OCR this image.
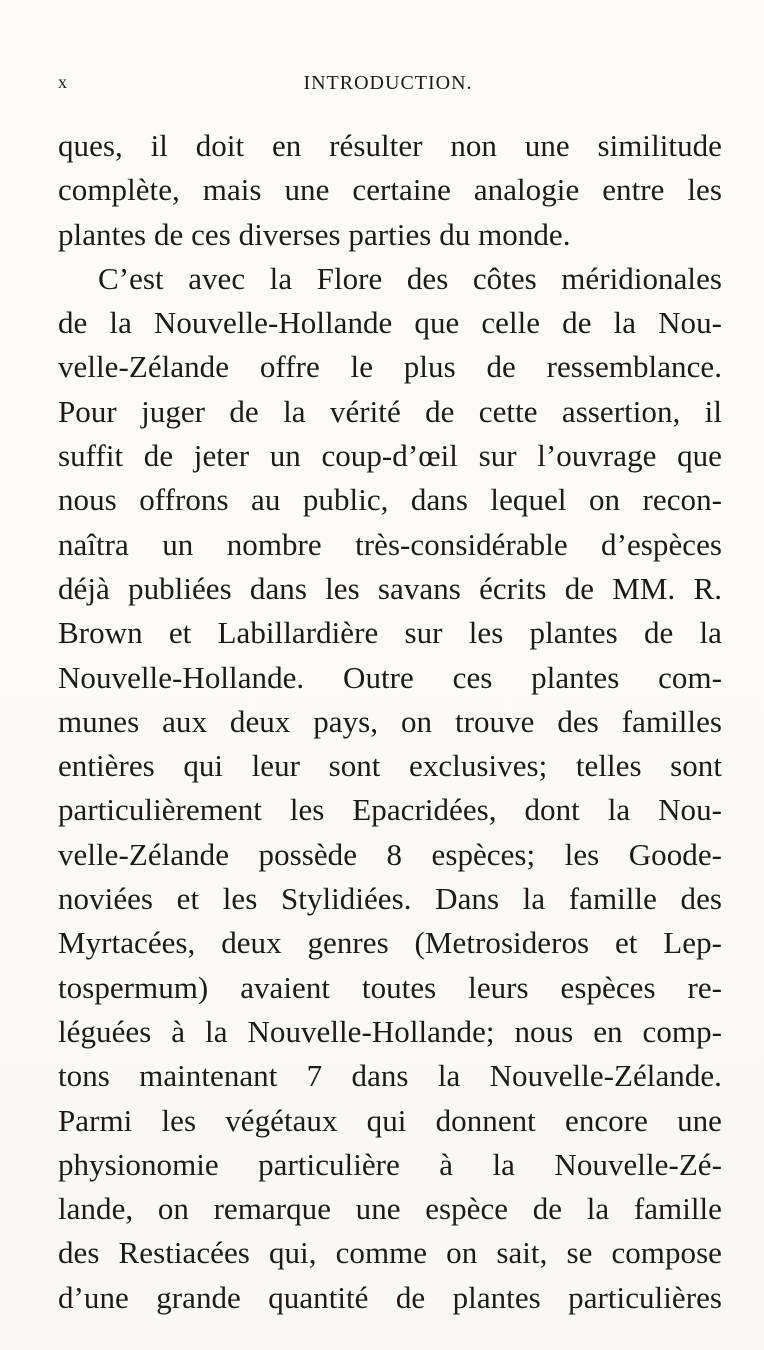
x	INTRODUCTION.
ques, il doit en résulter non une similitude
complète, mais une certaine analogie entre les
plantes de ces diverses parties du monde.
C’est avec la Flore des côtes méridionales
de la Nouvelle-Hollande que celle de la Nou-
velle-Zélande offre le plus de ressemblance.
Pour juger de la vérité de cette assertion, il
suffit de jeter un coup-d’œil sur l’ouvrage que
nous offrons au public, dans lequel on recon-
naîtra un nombre très-considérable d’espèces
déjà publiées dans les savans écrits de MM. R.
Brown et Labillardière sur les plantes de la
Nouvelle-Hollande. Outre ces plantes com-
munes aux deux pays, on trouve des familles
entières qui leur sont exclusives; telles sont
particulièrement les Epacridées, dont la Nou-
velle-Zélande possède 8 espèces; les Goode-
noviées et les Stylidiées. Dans la famille des
Myrtacées, deux genres (Metrosideros et Lep-
tospermum) avaient toutes leurs espèces re-
léguées à la Nouvelle-Hollande; nous en comp-
tons maintenant 7 dans la Nouvelle-Zélande.
Parmi les végétaux qui donnent encore une
physionomie particulière à la Nouvelle-Zé-
lande, on remarque une espèce de la famille
des Restiacées qui, comme on sait, se compose
d’une grande quantité de plantes particulières
